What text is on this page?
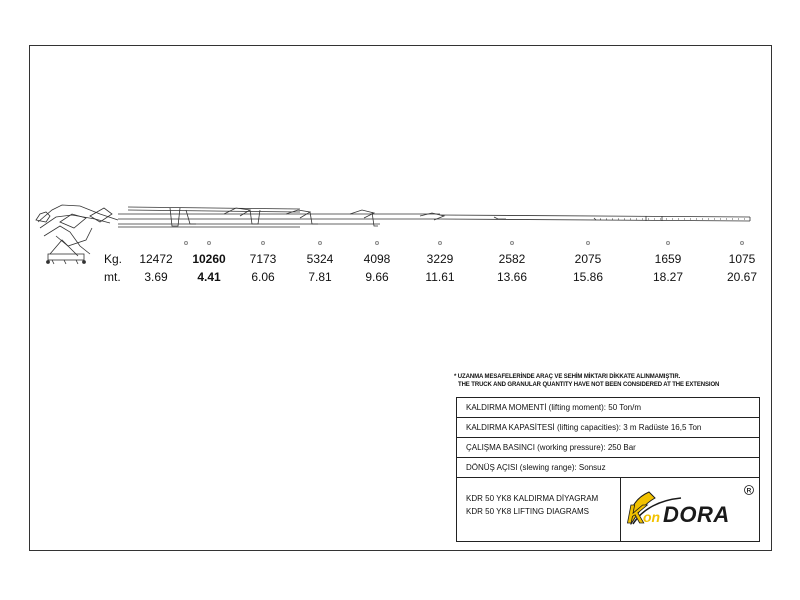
Kg.
mt.
12472
3.69
10260
4.41
7173
6.06
5324
7.81
4098
9.66
3229
11.61
2582
13.66
2075
15.86
1659
18.27
1075
20.67
* UZANMA MESAFELERİNDE ARAÇ VE SEHİM MİKTARI DİKKATE ALINMAMIŞTIR.
THE TRUCK AND GRANULAR QUANTITY HAVE NOT BEEN CONSIDERED AT THE EXTENSION
KALDIRMA MOMENTİ (lifting moment): 50 Ton/m
KALDIRMA KAPASİTESİ (lifting capacities): 3 m Radüste 16,5 Ton
ÇALIŞMA BASINCI (working pressure): 250 Bar
DÖNÜŞ AÇISI (slewing range): Sonsuz
KDR 50 YK8 KALDIRMA DİYAGRAM
KDR 50 YK8 LIFTING DIAGRAMS	K
on DORA
R
